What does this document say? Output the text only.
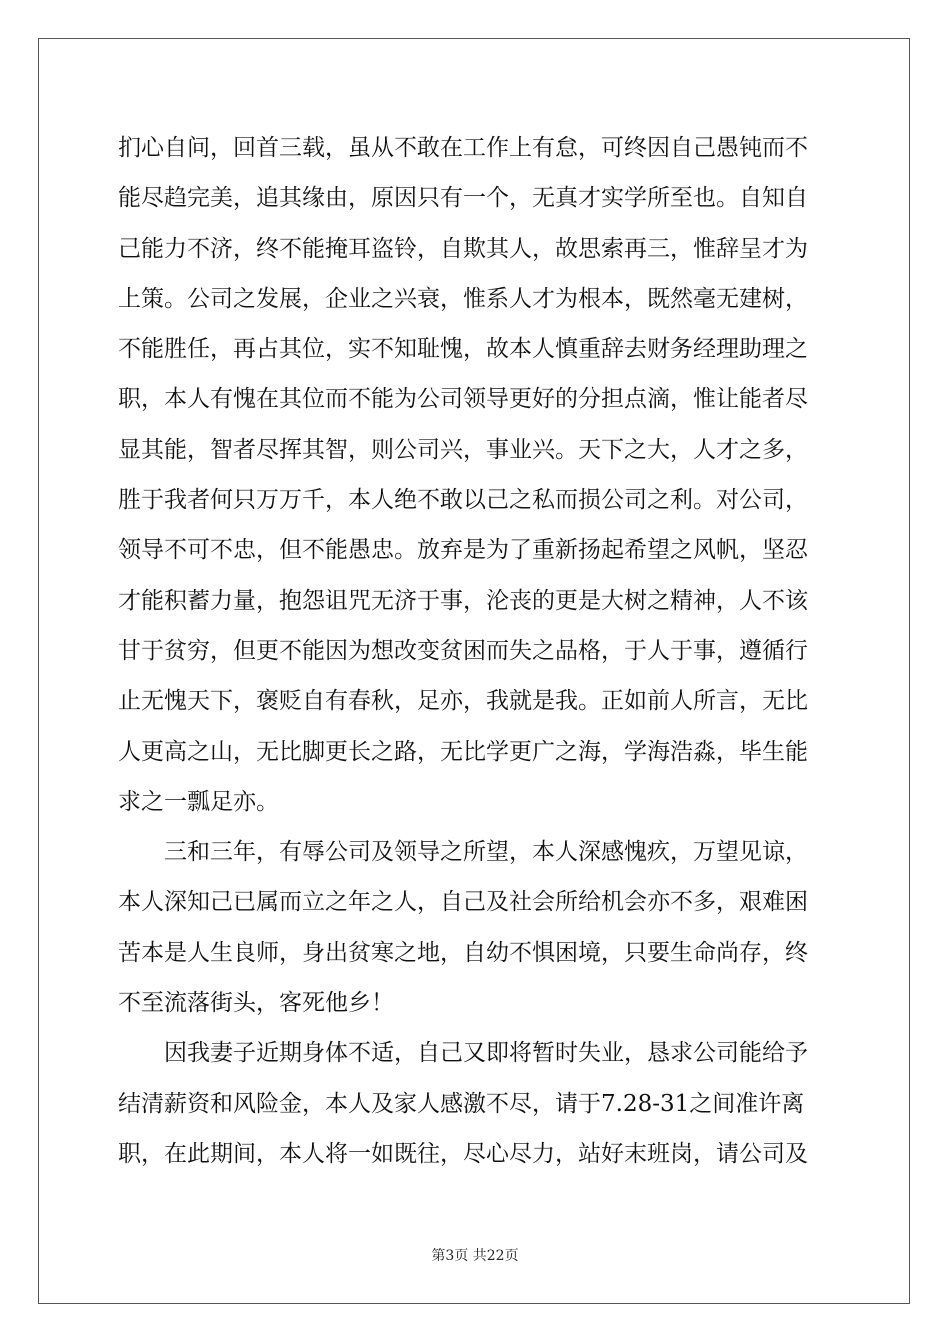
扪心自问，回首三载，虽从不敢在工作上有怠，可终因自己愚钝而不
能尽趋完美，追其缘由，原因只有一个，无真才实学所至也。自知自
己能力不济，终不能掩耳盗铃，自欺其人，故思索再三，惟辞呈才为
上策。公司之发展，企业之兴衰，惟系人才为根本，既然毫无建树，
不能胜任，再占其位，实不知耻愧，故本人慎重辞去财务经理助理之
职，本人有愧在其位而不能为公司领导更好的分担点滴，惟让能者尽
显其能，智者尽挥其智，则公司兴，事业兴。天下之大，人才之多，
胜于我者何只万万千，本人绝不敢以己之私而损公司之利。对公司，
领导不可不忠，但不能愚忠。放弃是为了重新扬起希望之风帆，坚忍
才能积蓄力量，抱怨诅咒无济于事，沦丧的更是大树之精神，人不该
甘于贫穷，但更不能因为想改变贫困而失之品格，于人于事，遵循行
止无愧天下，褒贬自有春秋，足亦，我就是我。正如前人所言，无比
人更高之山，无比脚更长之路，无比学更广之海，学海浩淼，毕生能
求之一瓢足亦。
三和三年，有辱公司及领导之所望，本人深感愧疚，万望见谅，
本人深知己已属而立之年之人，自己及社会所给机会亦不多，艰难困
苦本是人生良师，身出贫寒之地，自幼不惧困境，只要生命尚存，终
不至流落街头，客死他乡！
因我妻子近期身体不适，自己又即将暂时失业，恳求公司能给予
结清薪资和风险金，本人及家人感激不尽，请于7.28-31之间准许离
职，在此期间，本人将一如既往，尽心尽力，站好末班岗，请公司及
第3页 共22页
